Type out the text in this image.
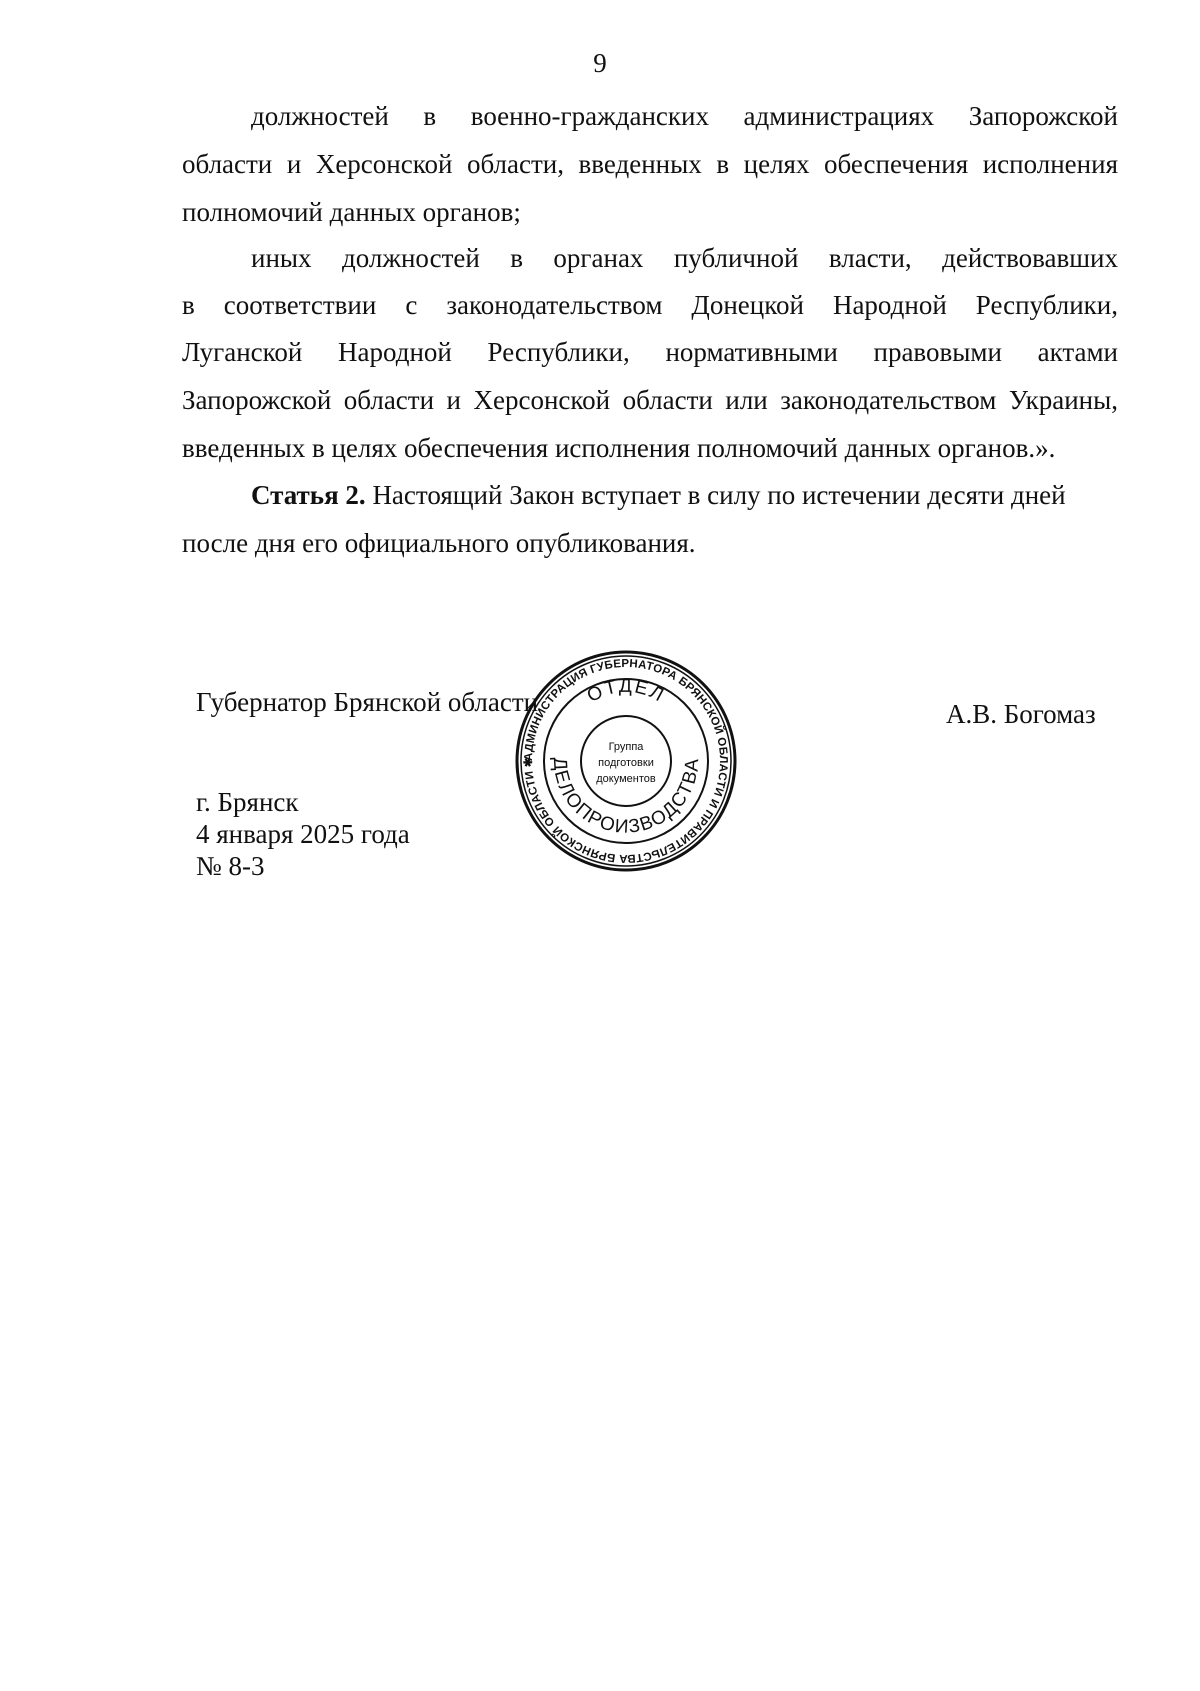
9
должностей в военно-гражданских администрациях Запорожской
области и Херсонской области, введенных в целях обеспечения исполнения
полномочий данных органов;
иных должностей в органах публичной власти, действовавших
в соответствии с законодательством Донецкой Народной Республики,
Луганской Народной Республики, нормативными правовыми актами
Запорожской области и Херсонской области или законодательством Украины,
введенных в целях обеспечения исполнения полномочий данных органов.».
Статья 2. Настоящий Закон вступает в силу по истечении десяти дней
после дня его официального опубликования.
Губернатор Брянской области	А.В. Богомаз
г. Брянск
4 января 2025 года
№ 8-3
АДМИНИСТРАЦИЯ ГУБЕРНАТОРА БРЯНСКОЙ ОБЛАСТИ И ПРАВИТЕЛЬСТВА БРЯНСКОЙ ОБЛАСТИ ✱
ОТДЕЛ
ДЕЛОПРОИЗВОДСТВА
Группа
подготовки
документов
